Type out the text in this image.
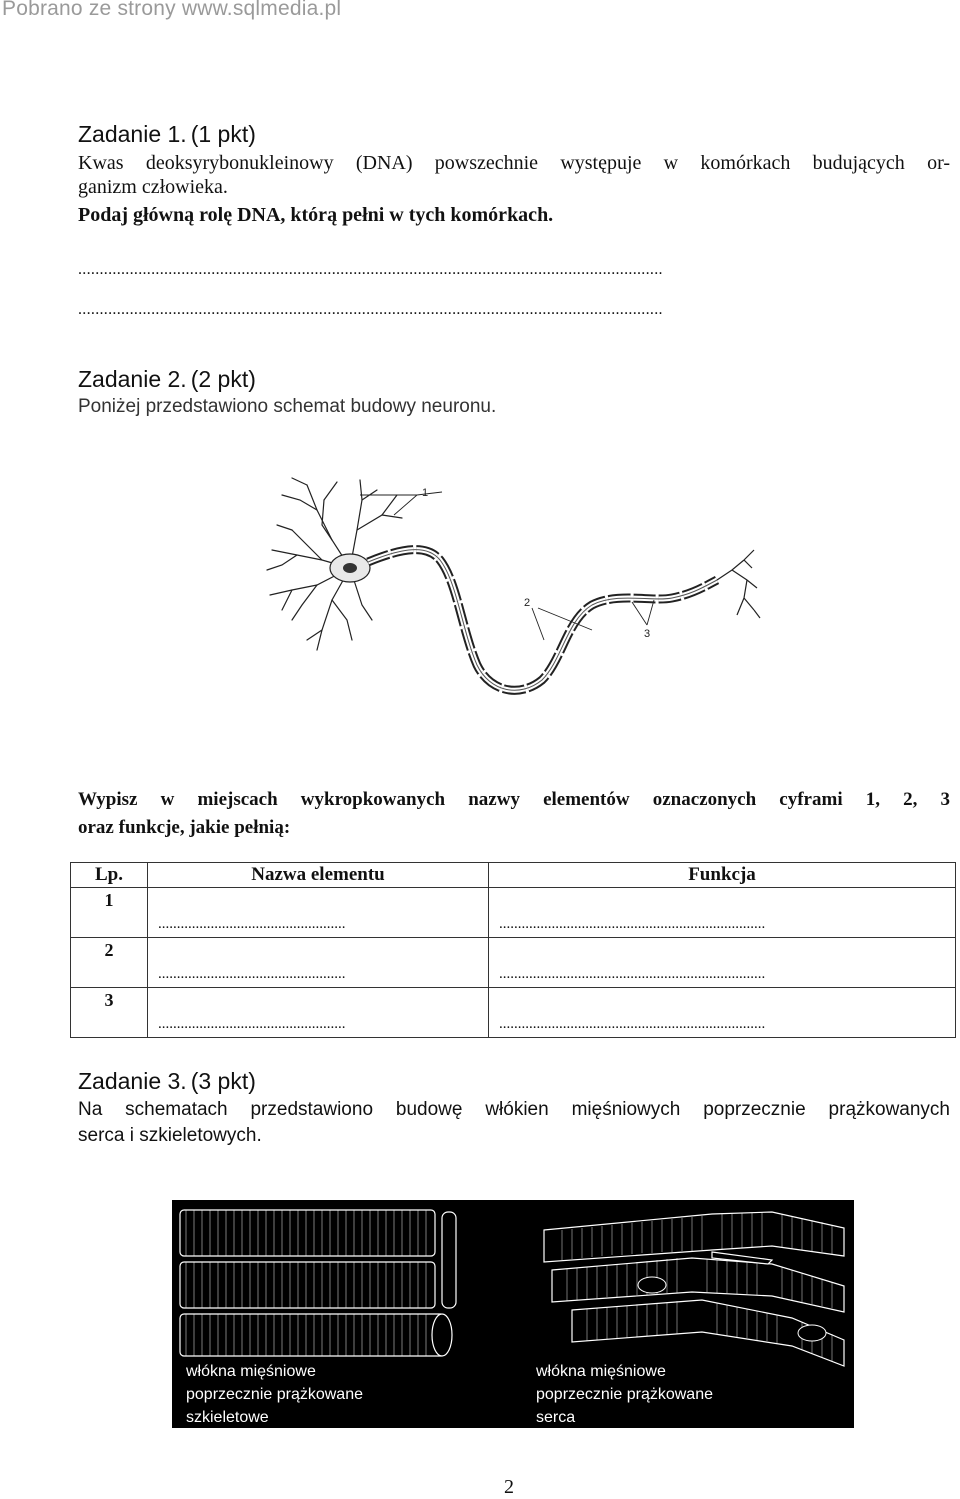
Pobrano ze strony www.sqlmedia.pl
Zadanie 1. (1 pkt)
Kwas deoksyrybonukleinowy (DNA) powszechnie występuje w komórkach budujących or-
ganizm człowieka.
Podaj główną rolę DNA, którą pełni w tych komórkach.
........................................................................................................................................
........................................................................................................................................
Zadanie 2. (2 pkt)
Poniżej przedstawiono schemat budowy neuronu.
1
2
3
Wypisz w miejscach wykropkowanych nazwy elementów oznaczonych cyframi 1, 2, 3
oraz funkcje, jakie pełnią:
Lp.	Nazwa elementu	Funkcja

1	..................................................	.......................................................................

2	..................................................	.......................................................................

3	..................................................	.......................................................................
Zadanie 3. (3 pkt)
Na schematach przedstawiono budowę włókien mięśniowych poprzecznie prążkowanych
serca i szkieletowych.
włókna mięśniowe
poprzecznie prążkowane
szkieletowe
włókna mięśniowe
poprzecznie prążkowane
serca
2
